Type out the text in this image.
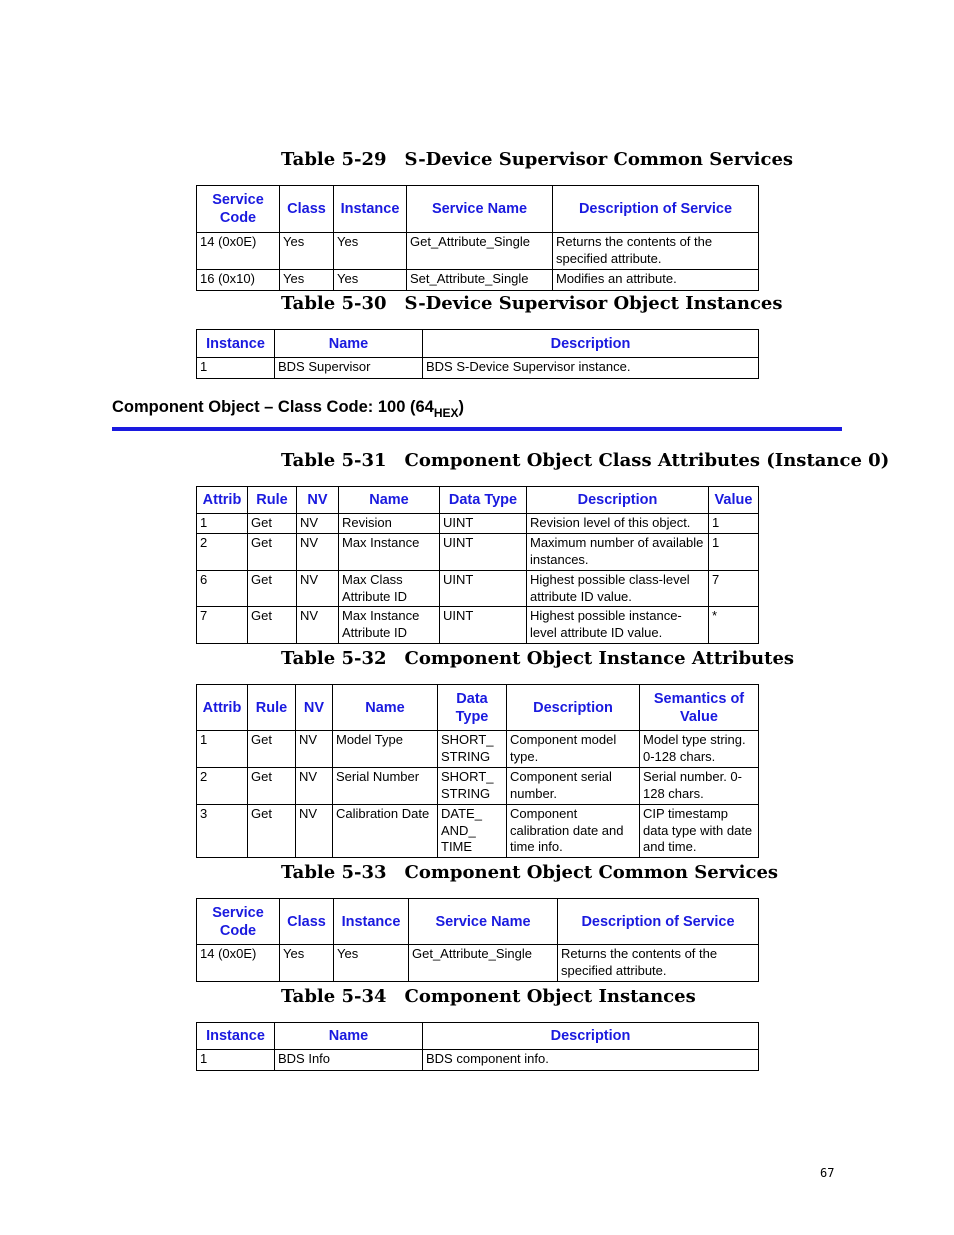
Table 5-29 S-Device Supervisor Common Services
Service Code	Class	Instance	Service Name	Description of Service
14 (0x0E)	Yes	Yes	Get_Attribute_Single	Returns the contents of the specified attribute.
16 (0x10)	Yes	Yes	Set_Attribute_Single	Modifies an attribute.
Table 5-30 S-Device Supervisor Object Instances
Instance	Name	Description
1	BDS Supervisor	BDS S-Device Supervisor instance.
Component Object – Class Code: 100 $(64_{HEX})$
Table 5-31 Component Object Class Attributes (Instance 0)
Attrib	Rule	NV	Name	Data Type	Description	Value
1	Get	NV	Revision	UINT	Revision level of this object.	1
2	Get	NV	Max Instance	UINT	Maximum number of available instances.	1
6	Get	NV	Max Class Attribute ID	UINT	Highest possible class-level attribute ID value.	7
7	Get	NV	Max Instance Attribute ID	UINT	Highest possible instance-level attribute ID value.	*
Table 5-32 Component Object Instance Attributes
Attrib	Rule	NV	Name	Data Type	Description	Semantics of Value
1	Get	NV	Model Type	SHORT_ STRING	Component model type.	Model type string. 0-128 chars.
2	Get	NV	Serial Number	SHORT_ STRING	Component serial number.	Serial number. 0-128 chars.
3	Get	NV	Calibration Date	DATE_ AND_ TIME	Component calibration date and time info.	CIP timestamp data type with date and time.
Table 5-33 Component Object Common Services
Service Code	Class	Instance	Service Name	Description of Service
14 (0x0E)	Yes	Yes	Get_Attribute_Single	Returns the contents of the specified attribute.
Table 5-34 Component Object Instances
Instance	Name	Description
1	BDS Info	BDS component info.
67
